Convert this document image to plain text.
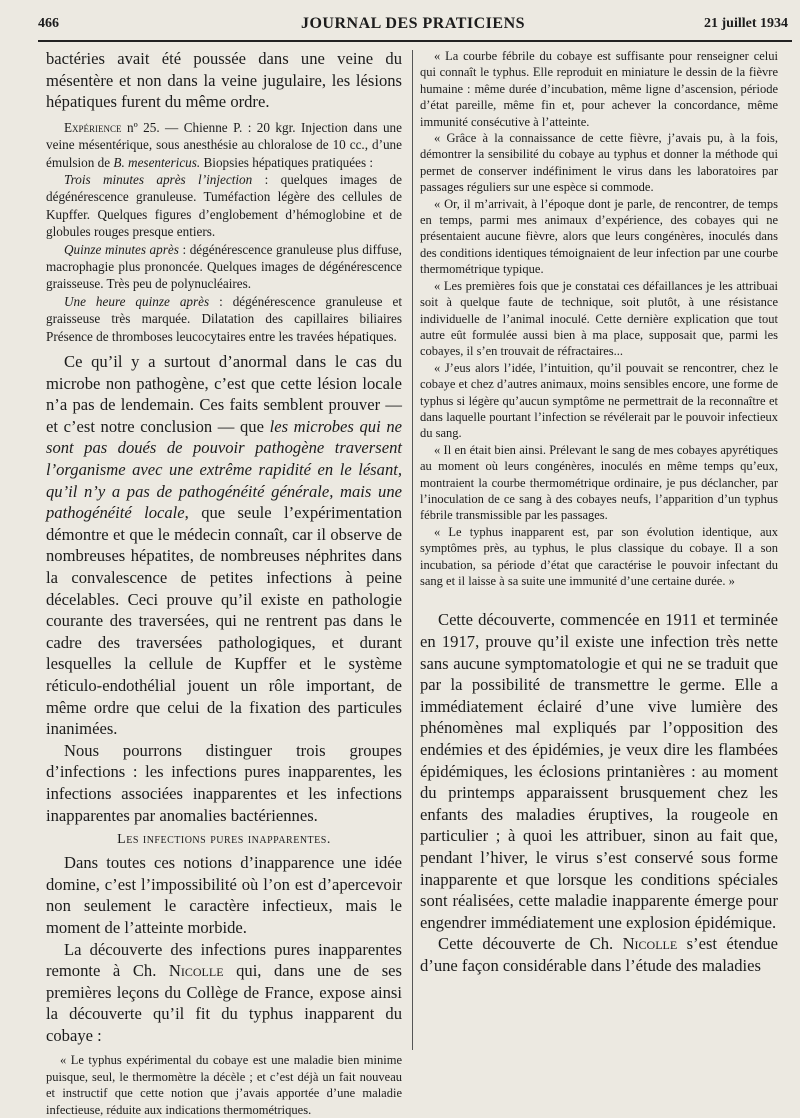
466	JOURNAL DES PRATICIENS	21 juillet 1934

bactéries avait été poussée dans une veine du mésentère et non dans la veine jugulaire, les lésions hépatiques furent du même ordre.

Expérience nº 25. — Chienne P. : 20 kgr. Injection dans une veine mésentérique, sous anesthésie au chloralose de 10 cc., d’une émulsion de B. mesentericus. Biopsies hépatiques pratiquées :

Trois minutes après l’injection : quelques images de dégénérescence granuleuse. Tuméfaction légère des cellules de Kupffer. Quelques figures d’englobement d’hémoglobine et de globules rouges presque entiers.

Quinze minutes après : dégénérescence granuleuse plus diffuse, macrophagie plus prononcée. Quelques images de dégénérescence graisseuse. Très peu de polynucléaires.

Une heure quinze après : dégénérescence granuleuse et graisseuse très marquée. Dilatation des capillaires biliaires Présence de thromboses leucocytaires entre les travées hépatiques.

Ce qu’il y a surtout d’anormal dans le cas du microbe non pathogène, c’est que cette lésion locale n’a pas de lendemain. Ces faits semblent prouver — et c’est notre conclusion — que les microbes qui ne sont pas doués de pouvoir pathogène traversent l’organisme avec une extrême rapidité en le lésant, qu’il n’y a pas de pathogénéité générale, mais une pathogénéité locale, que seule l’expérimentation démontre et que le médecin connaît, car il observe de nombreuses hépatites, de nombreuses néphrites dans la convalescence de petites infections à peine décelables. Ceci prouve qu’il existe en pathologie courante des traversées, qui ne rentrent pas dans le cadre des traversées pathologiques, et durant lesquelles la cellule de Kupffer et le système réticulo-endothélial jouent un rôle important, de même ordre que celui de la fixation des particules inanimées.

Nous pourrons distinguer trois groupes d’infections : les infections pures inapparentes, les infections associées inapparentes et les infections inapparentes par anomalies bactériennes.

Les infections pures inapparentes.

Dans toutes ces notions d’inapparence une idée domine, c’est l’impossibilité où l’on est d’apercevoir non seulement le caractère infectieux, mais le moment de l’atteinte morbide.

La découverte des infections pures inapparentes remonte à Ch. Nicolle qui, dans une de ses premières leçons du Collège de France, expose ainsi la découverte qu’il fit du typhus inapparent du cobaye :

« Le typhus expérimental du cobaye est une maladie bien minime puisque, seul, le thermomètre la décèle ; et c’est déjà un fait nouveau et instructif que cette notion que j’avais apportée d’une maladie infectieuse, réduite aux indications thermométriques.

« La courbe fébrile du cobaye est suffisante pour renseigner celui qui connaît le typhus. Elle reproduit en miniature le dessin de la fièvre humaine : même durée d’incubation, même ligne d’ascension, période d’état pareille, même fin et, pour achever la concordance, même immunité consécutive à l’atteinte.

« Grâce à la connaissance de cette fièvre, j’avais pu, à la fois, démontrer la sensibilité du cobaye au typhus et donner la méthode qui permet de conserver indéfiniment le virus dans les laboratoires par passages réguliers sur une espèce si commode.

« Or, il m’arrivait, à l’époque dont je parle, de rencontrer, de temps en temps, parmi mes animaux d’expérience, des cobayes qui ne présentaient aucune fièvre, alors que leurs congénères, inoculés dans des conditions identiques témoignaient de leur infection par une courbe thermométrique typique.

« Les premières fois que je constatai ces défaillances je les attribuai soit à quelque faute de technique, soit plutôt, à une résistance individuelle de l’animal inoculé. Cette dernière explication que tout autre eût formulée aussi bien à ma place, supposait que, parmi les cobayes, il s’en trouvait de réfractaires...

« J’eus alors l’idée, l’intuition, qu’il pouvait se rencontrer, chez le cobaye et chez d’autres animaux, moins sensibles encore, une forme de typhus si légère qu’aucun symptôme ne permettrait de la reconnaître et dans laquelle pourtant l’infection se révélerait par le pouvoir infectieux du sang.

« Il en était bien ainsi. Prélevant le sang de mes cobayes apyrétiques au moment où leurs congénères, inoculés en même temps qu’eux, montraient la courbe thermométrique ordinaire, je pus déclancher, par l’inoculation de ce sang à des cobayes neufs, l’apparition d’un typhus fébrile transmissible par les passages.

« Le typhus inapparent est, par son évolution identique, aux symptômes près, au typhus, le plus classique du cobaye. Il a son incubation, sa période d’état que caractérise le pouvoir infectant du sang et il laisse à sa suite une immunité d’une certaine durée. »

Cette découverte, commencée en 1911 et terminée en 1917, prouve qu’il existe une infection très nette sans aucune symptomatologie et qui ne se traduit que par la possibilité de transmettre le germe. Elle a immédiatement éclairé d’une vive lumière des phénomènes mal expliqués par l’opposition des endémies et des épidémies, je veux dire les flambées épidémiques, les éclosions printanières : au moment du printemps apparaissent brusquement chez les enfants des maladies éruptives, la rougeole en particulier ; à quoi les attribuer, sinon au fait que, pendant l’hiver, le virus s’est conservé sous forme inapparente et que lorsque les conditions spéciales sont réalisées, cette maladie inapparente émerge pour engendrer immédiatement une explosion épidémique.

Cette découverte de Ch. Nicolle s’est étendue d’une façon considérable dans l’étude des maladies
